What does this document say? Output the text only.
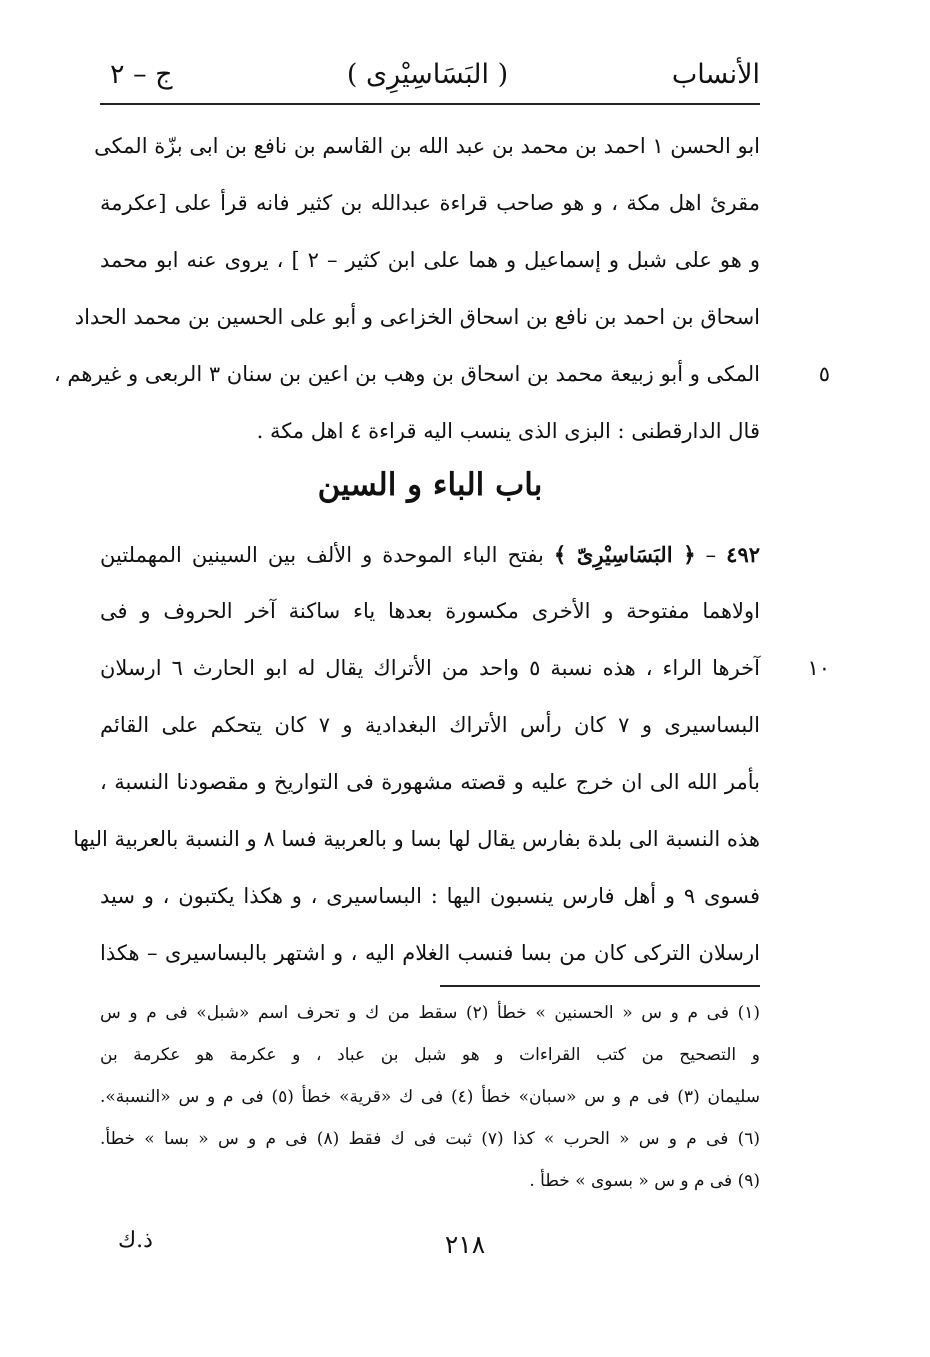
الأنساب
( البَسَاسِيْرِى )
ج – ٢
ابو الحسن ١ احمد بن محمد بن عبد الله بن القاسم بن نافع بن ابى بزّة المكى
مقرئ اهل مكة ، و هو صاحب قراءة عبدالله بن كثير فانه قرأ على [عكرمة
و هو على شبل و إسماعيل و هما على ابن كثير – ٢ ] ، يروى عنه ابو محمد
اسحاق بن احمد بن نافع بن اسحاق الخزاعى و أبو على الحسين بن محمد الحداد
المكى و أبو زبيعة محمد بن اسحاق بن وهب بن اعين بن سنان ٣ الربعى و غيرهم ،
قال الدارقطنى : البزى الذى ينسب اليه قراءة ٤ اهل مكة .
٥
باب الباء و السين
٤٩٢ – ﴿ البَسَاسِيْرِىّ ﴾ بفتح الباء الموحدة و الألف بين السينين المهملتين
اولاهما مفتوحة و الأخرى مكسورة بعدها ياء ساكنة آخر الحروف و فى
آخرها الراء ، هذه نسبة ٥ واحد من الأتراك يقال له ابو الحارث ٦ ارسلان
البساسيرى و ٧ كان رأس الأتراك البغدادية و ٧ كان يتحكم على القائم
بأمر الله الى ان خرج عليه و قصته مشهورة فى التواريخ و مقصودنا النسبة ،
هذه النسبة الى بلدة بفارس يقال لها بسا و بالعربية فسا ٨ و النسبة بالعربية اليها
فسوى ٩ و أهل فارس ينسبون اليها : البساسيرى ، و هكذا يكتبون ، و سيد
ارسلان التركى كان من بسا فنسب الغلام اليه ، و اشتهر بالبساسيرى – هكذا
١٠
(١) فى م و س « الحسنين » خطأ (٢) سقط من ك و تحرف اسم «شبل» فى م و س
و التصحيح من كتب القراءات و هو شبل بن عباد ، و عكرمة هو عكرمة بن
سليمان (٣) فى م و س «سبان» خطأ (٤) فى ك «قرية» خطأ (٥) فى م و س «النسبة».
(٦) فى م و س « الحرب » كذا (٧) ثبت فى ك فقط (٨) فى م و س « بسا » خطأ.
(٩) فى م و س « بسوى » خطأ .
٢١٨
ذ.ك
